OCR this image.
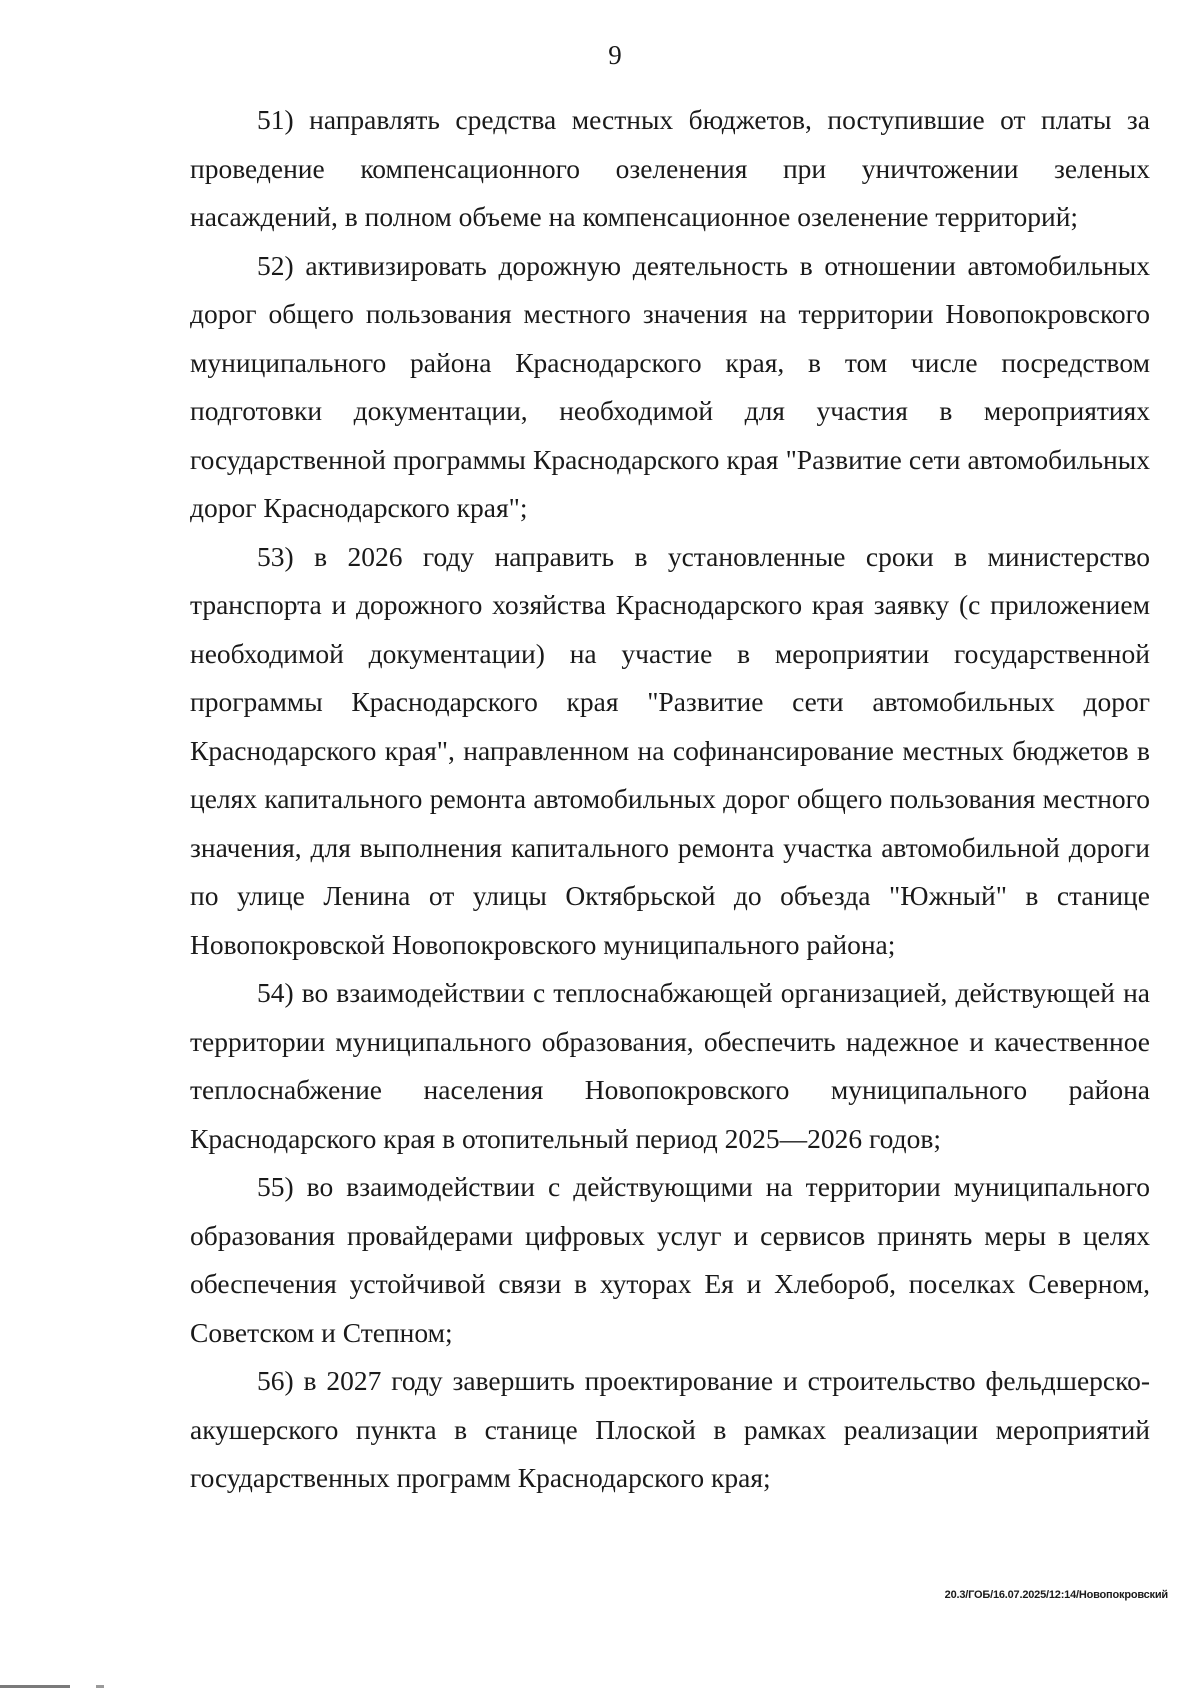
9

51) направлять средства местных бюджетов, поступившие от платы за проведение компенсационного озеленения при уничтожении зеленых насаждений, в полном объеме на компенсационное озеленение территорий;

52) активизировать дорожную деятельность в отношении автомобильных дорог общего пользования местного значения на территории Новопокровского муниципального района Краснодарского края, в том числе посредством подготовки документации, необходимой для участия в мероприятиях государственной программы Краснодарского края "Развитие сети автомобильных дорог Краснодарского края";

53) в 2026 году направить в установленные сроки в министерство транспорта и дорожного хозяйства Краснодарского края заявку (с приложением необходимой документации) на участие в мероприятии государственной программы Краснодарского края "Развитие сети автомобильных дорог Краснодарского края", направленном на софинансирование местных бюджетов в целях капитального ремонта автомобильных дорог общего пользования местного значения, для выполнения капитального ремонта участка автомобильной дороги по улице Ленина от улицы Октябрьской до объезда "Южный" в станице Новопокровской Новопокровского муниципального района;

54) во взаимодействии с теплоснабжающей организацией, действующей на территории муниципального образования, обеспечить надежное и качественное теплоснабжение населения Новопокровского муниципального района Краснодарского края в отопительный период 2025—2026 годов;

55) во взаимодействии с действующими на территории муниципального образования провайдерами цифровых услуг и сервисов принять меры в целях обеспечения устойчивой связи в хуторах Ея и Хлебороб, поселках Северном, Советском и Степном;

56) в 2027 году завершить проектирование и строительство фельдшерско-акушерского пункта в станице Плоской в рамках реализации мероприятий государственных программ Краснодарского края;

20.3/ГОБ/16.07.2025/12:14/Новопокровский
